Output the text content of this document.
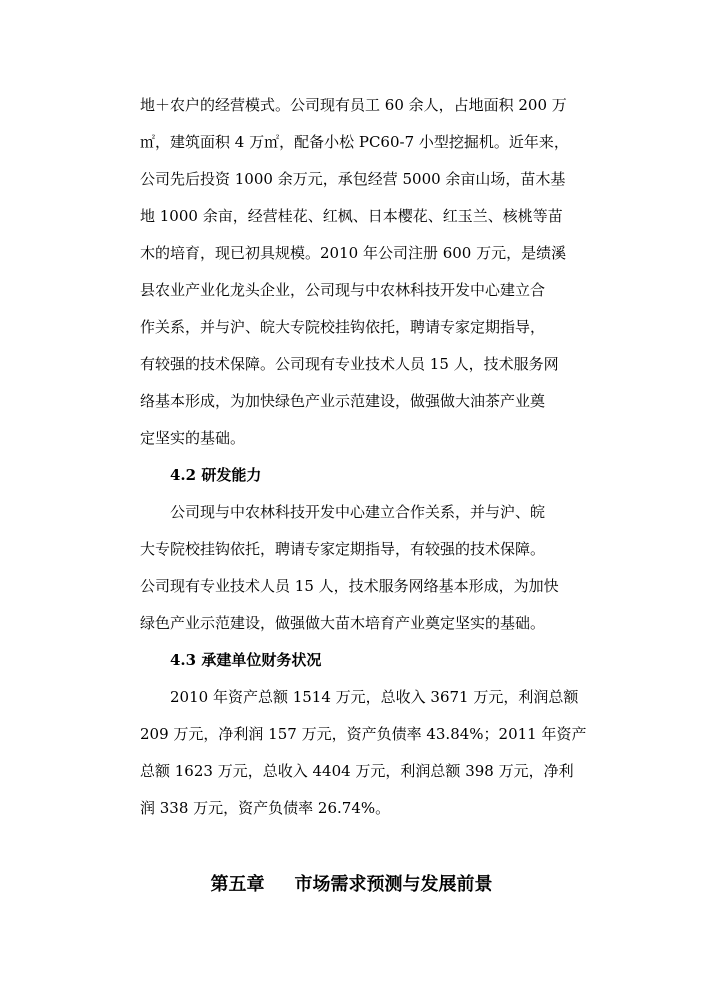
地＋农户的经营模式。公司现有员工 60 余人，占地面积 200 万
㎡，建筑面积 4 万㎡，配备小松 PC60-7 小型挖掘机。近年来，
公司先后投资 1000 余万元，承包经营 5000 余亩山场，苗木基
地 1000 余亩，经营桂花、红枫、日本樱花、红玉兰、核桃等苗
木的培育，现已初具规模。2010 年公司注册 600 万元，是绩溪
县农业产业化龙头企业，公司现与中农林科技开发中心建立合
作关系，并与沪、皖大专院校挂钩依托，聘请专家定期指导，
有较强的技术保障。公司现有专业技术人员 15 人，技术服务网
络基本形成，为加快绿色产业示范建设，做强做大油茶产业奠
定坚实的基础。
4.2 研发能力
公司现与中农林科技开发中心建立合作关系，并与沪、皖
大专院校挂钩依托，聘请专家定期指导，有较强的技术保障。
公司现有专业技术人员 15 人，技术服务网络基本形成，为加快
绿色产业示范建设，做强做大苗木培育产业奠定坚实的基础。
4.3 承建单位财务状况
2010 年资产总额 1514 万元，总收入 3671 万元，利润总额
209 万元，净利润 157 万元，资产负债率 43.84%；2011 年资产
总额 1623 万元，总收入 4404 万元，利润总额 398 万元，净利
润 338 万元，资产负债率 26.74%。
第五章 市场需求预测与发展前景
